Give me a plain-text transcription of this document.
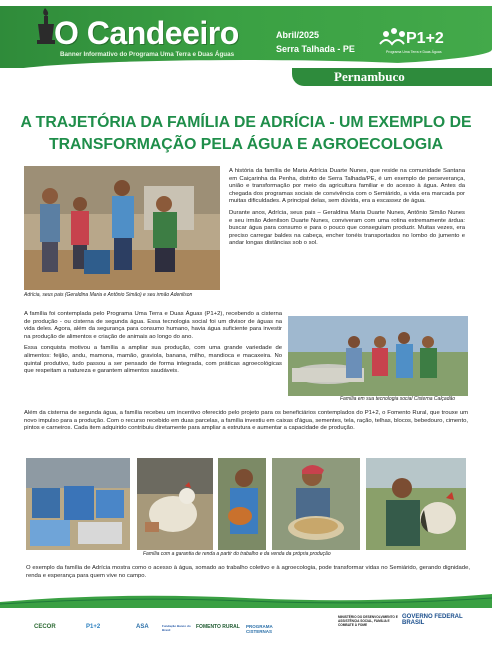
O Candeeiro
Banner Informativo do Programa Uma Terra e Duas Águas
Abril/2025
Serra Talhada - PE
P1+2
Programa Uma Terra e Duas Águas
Pernambuco
A TRAJETÓRIA DA FAMÍLIA DE ADRÍCIA - UM EXEMPLO DE TRANSFORMAÇÃO PELA ÁGUA E AGROECOLOGIA
Adrícia, seus pais (Geraldina Maria e Antônio Simão) e seu irmão Adenilson

A história da família de Maria Adrícia Duarte Nunes, que reside na comunidade Santana em Caiçarinha da Penha, distrito de Serra Talhada/PE, é um exemplo de perseverança, união e transformação por meio da agricultura familiar e do acesso à água. Antes da chegada dos programas sociais de convivência com o Semiárido, a vida era marcada por muitas dificuldades. A principal delas, sem dúvida, era a escassez de água.

Durante anos, Adrícia, seus pais – Geraldina Maria Duarte Nunes, Antônio Simão Nunes e seu irmão Adenilson Duarte Nunes, conviveram com uma rotina extremamente árdua: buscar água para consumo e para o pouco que conseguiam produzir. Muitas vezes, era preciso carregar baldes na cabeça, encher tonéis transportados no lombo do jumento e andar longas distâncias sob o sol.

A família foi contemplada pelo Programa Uma Terra e Duas Águas (P1+2), recebendo a cisterna de produção - ou cisterna de segunda água. Essa tecnologia social foi um divisor de águas na vida deles. Agora, além da segurança para consumo humano, havia água suficiente para investir na produção de alimentos e criação de animais ao longo do ano.

Essa conquista motivou a família a ampliar sua produção, com uma grande variedade de alimentos: feijão, andu, mamona, mamão, graviola, banana, milho, mandioca e macaxeira. No quintal produtivo, tudo passou a ser pensado de forma integrada, com práticas agroecológicas que respeitam a natureza e garantem alimentos saudáveis.

Família em sua tecnologia social Cisterna Calçadão

Além da cisterna de segunda água, a família recebeu um incentivo oferecido pelo projeto para os beneficiários contemplados do P1+2, o Fomento Rural, que trouxe um novo impulso para a produção. Com o recurso recebido em duas parcelas, a família investiu em caixas d'água, sementes, tela, ração, telhas, blocos, bebedouro, cimento, pintos e carneiros. Cada item adquirido contribuiu diretamente para ampliar a estrutura e aumentar a capacidade de produção.

Família com a garantia de renda a partir do trabalho e da venda da própria produção

O exemplo da família de Adrícia mostra como o acesso à água, somado ao trabalho coletivo e à agroecologia, pode transformar vidas no Semiárido, gerando dignidade, renda e esperança para quem vive no campo.

CECOR	P1+2	ASA	Fundação Banco do Brasil	FOMENTO RURAL PROGRAMA CISTERNAS
MINISTÉRIO DO DESENVOLVIMENTO E ASSISTÊNCIA SOCIAL, FAMÍLIA E COMBATE À FOME
GOVERNO FEDERAL BRASIL
